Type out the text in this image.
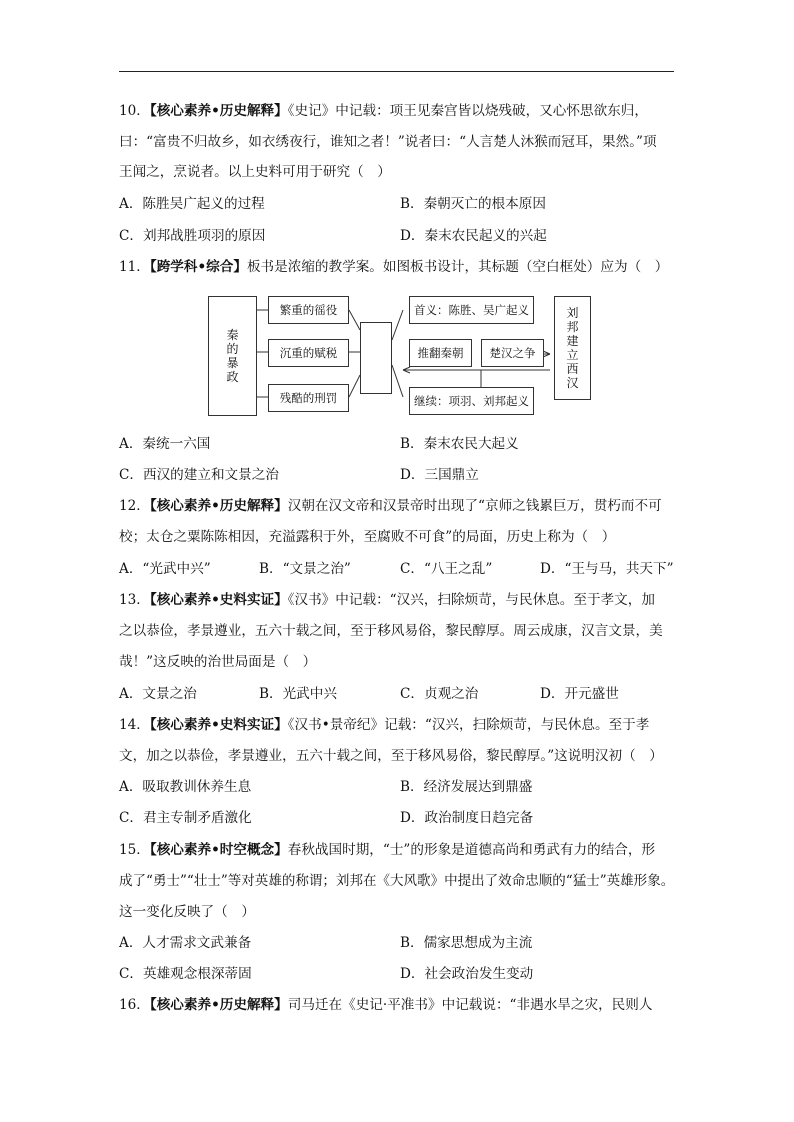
10．【核心素养•历史解释】《史记》中记载：项王见秦宫皆以烧残破，又心怀思欲东归，
曰：“富贵不归故乡，如衣绣夜行，谁知之者！”说者曰：“人言楚人沐猴而冠耳，果然。”项
王闻之，烹说者。以上史料可用于研究（　）
A．陈胜吴广起义的过程	B．秦朝灭亡的根本原因
C．刘邦战胜项羽的原因	D．秦末农民起义的兴起
11．【跨学科•综合】板书是浓缩的教学案。如图板书设计，其标题（空白框处）应为（　）
秦
的
暴
政
繁重的徭役
沉重的赋税
残酷的刑罚
首义：陈胜、吴广起义
推翻秦朝	楚汉之争
继续：项羽、刘邦起义
刘
邦
建
立
西
汉
A．秦统一六国	B．秦末农民大起义
C．西汉的建立和文景之治	D．三国鼎立
12．【核心素养•历史解释】汉朝在汉文帝和汉景帝时出现了“京师之钱累巨万，贯朽而不可
校；太仓之粟陈陈相因，充溢露积于外，至腐败不可食”的局面，历史上称为（　）
A．“光武中兴”	B．“文景之治”	C．“八王之乱”	D．“王与马，共天下”
13．【核心素养•史料实证】《汉书》中记载：“汉兴，扫除烦苛，与民休息。至于孝文，加
之以恭俭，孝景遵业，五六十载之间，至于移风易俗，黎民醇厚。周云成康，汉言文景，美
哉！”这反映的治世局面是（　）
A．文景之治	B．光武中兴	C．贞观之治	D．开元盛世
14．【核心素养•史料实证】《汉书•景帝纪》记载：“汉兴，扫除烦苛，与民休息。至于孝
文，加之以恭俭，孝景遵业，五六十载之间，至于移风易俗，黎民醇厚。”这说明汉初（　）
A．吸取教训休养生息	B．经济发展达到鼎盛
C．君主专制矛盾激化	D．政治制度日趋完备
15．【核心素养•时空概念】春秋战国时期，“士”的形象是道德高尚和勇武有力的结合，形
成了“勇士”“壮士”等对英雄的称谓；刘邦在《大风歌》中提出了效命忠顺的“猛士”英雄形象。
这一变化反映了（　）
A．人才需求文武兼备	B．儒家思想成为主流
C．英雄观念根深蒂固	D．社会政治发生变动
16．【核心素养•历史解释】司马迁在《史记·平准书》中记载说：“非遇水旱之灾，民则人
